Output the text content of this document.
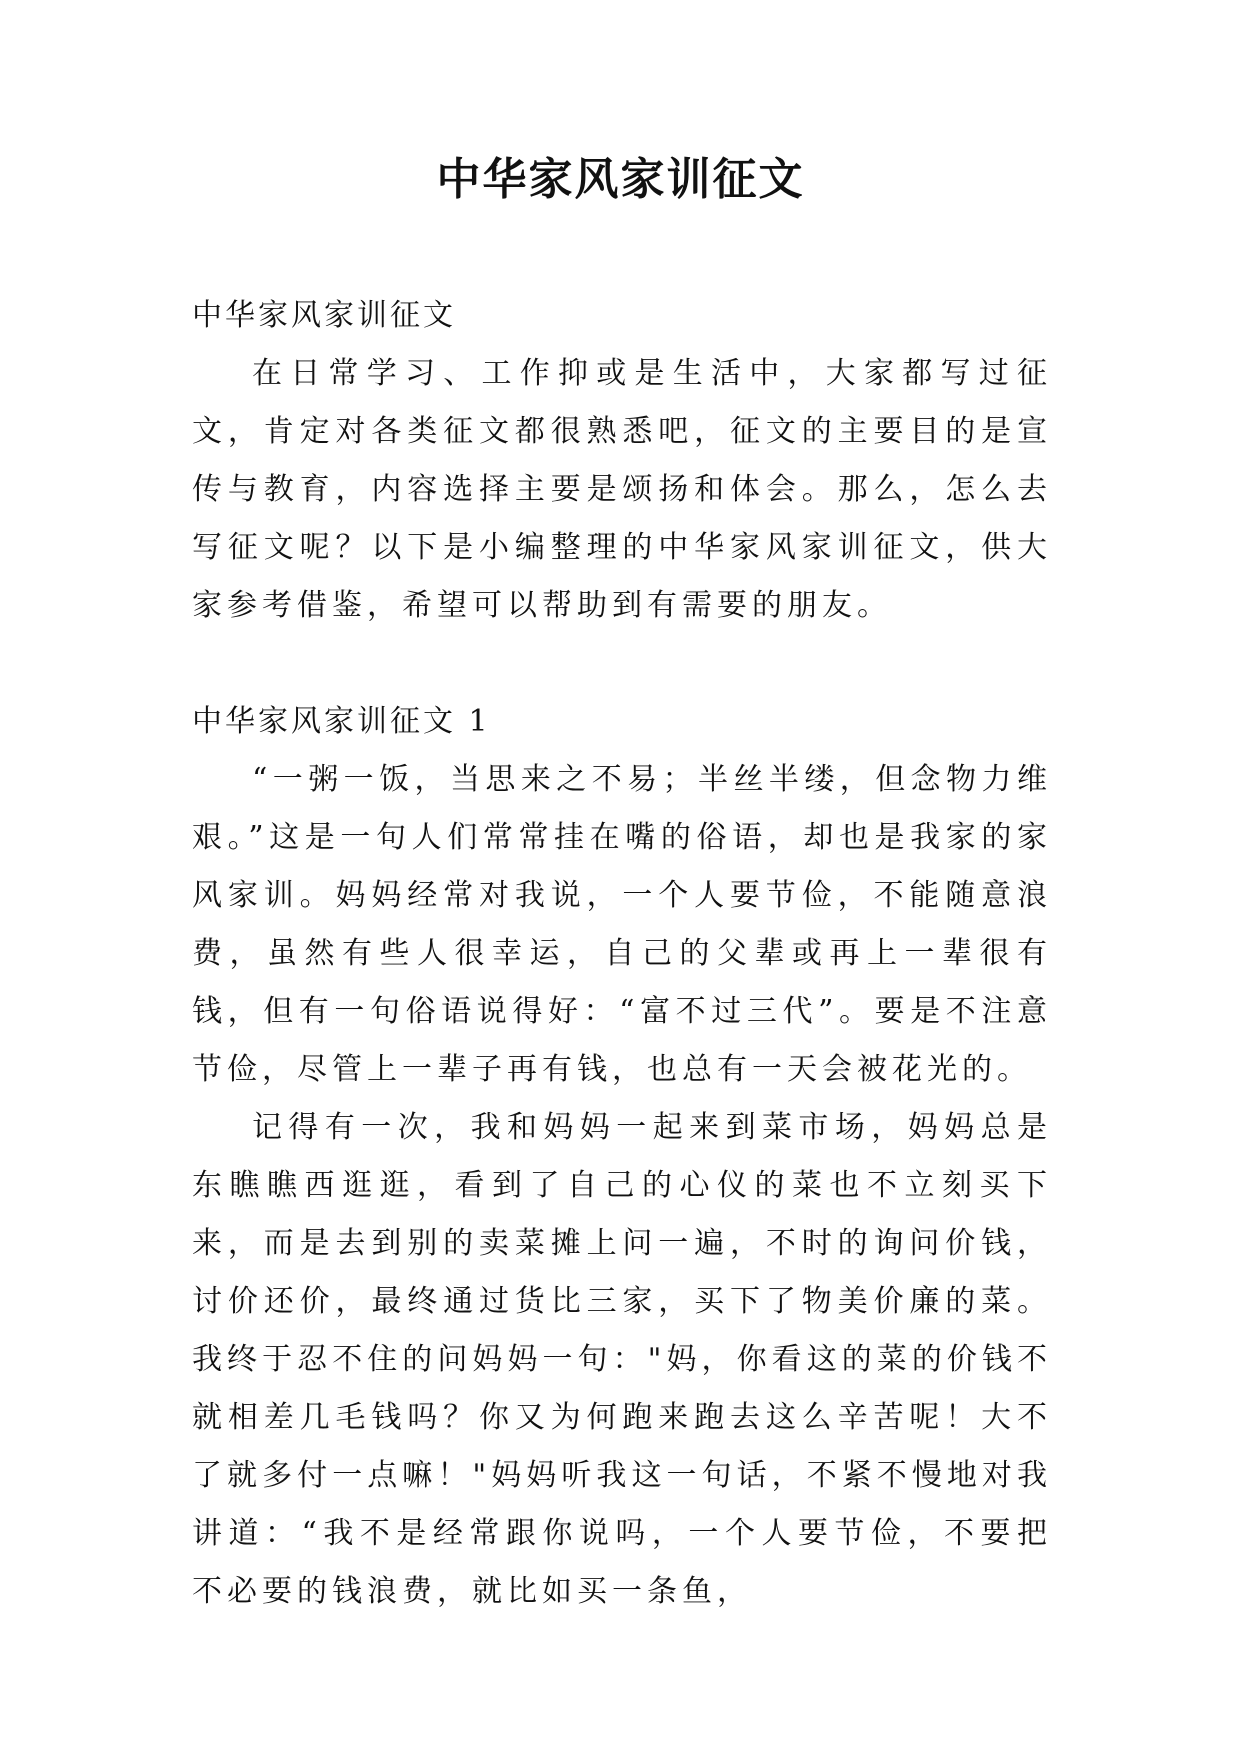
中华家风家训征文

中华家风家训征文

在日常学习、工作抑或是生活中，大家都写过征文，肯定对各类征文都很熟悉吧，征文的主要目的是宣传与教育，内容选择主要是颂扬和体会。那么，怎么去写征文呢？以下是小编整理的中华家风家训征文，供大家参考借鉴，希望可以帮助到有需要的朋友。

中华家风家训征文 1

“一粥一饭，当思来之不易；半丝半缕，但念物力维艰。”这是一句人们常常挂在嘴的俗语，却也是我家的家风家训。妈妈经常对我说，一个人要节俭，不能随意浪费，虽然有些人很幸运，自己的父辈或再上一辈很有钱，但有一句俗语说得好：“富不过三代”。要是不注意节俭，尽管上一辈子再有钱，也总有一天会被花光的。

记得有一次，我和妈妈一起来到菜市场，妈妈总是东瞧瞧西逛逛，看到了自己的心仪的菜也不立刻买下来，而是去到别的卖菜摊上问一遍，不时的询问价钱，讨价还价，最终通过货比三家，买下了物美价廉的菜。我终于忍不住的问妈妈一句："妈，你看这的菜的价钱不就相差几毛钱吗？你又为何跑来跑去这么辛苦呢！大不了就多付一点嘛！"妈妈听我这一句话，不紧不慢地对我讲道：“我不是经常跟你说吗，一个人要节俭，不要把不必要的钱浪费，就比如买一条鱼，
